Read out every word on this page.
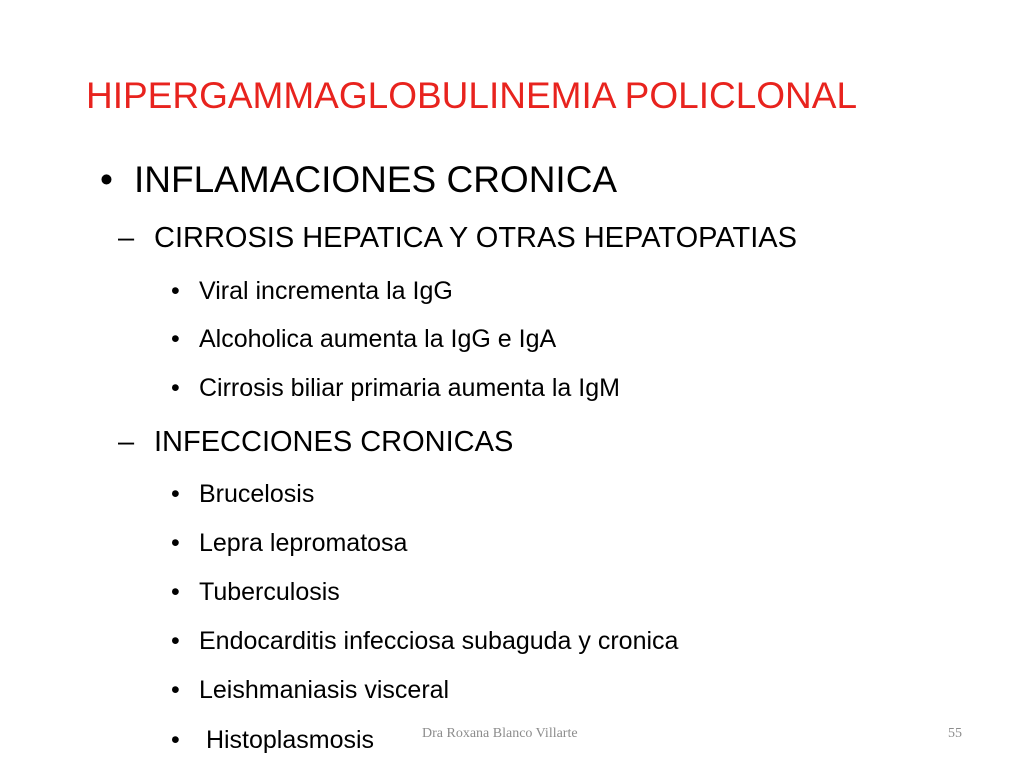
HIPERGAMMAGLOBULINEMIA POLICLONAL
• INFLAMACIONES CRONICA
– CIRROSIS HEPATICA Y OTRAS HEPATOPATIAS
• Viral incrementa la IgG
• Alcoholica aumenta la IgG e IgA
• Cirrosis biliar primaria aumenta la IgM
– INFECCIONES CRONICAS
• Brucelosis
• Lepra lepromatosa
• Tuberculosis
• Endocarditis infecciosa subaguda y cronica
• Leishmaniasis visceral
• Histoplasmosis	Dra Roxana Blanco Villarte	55
